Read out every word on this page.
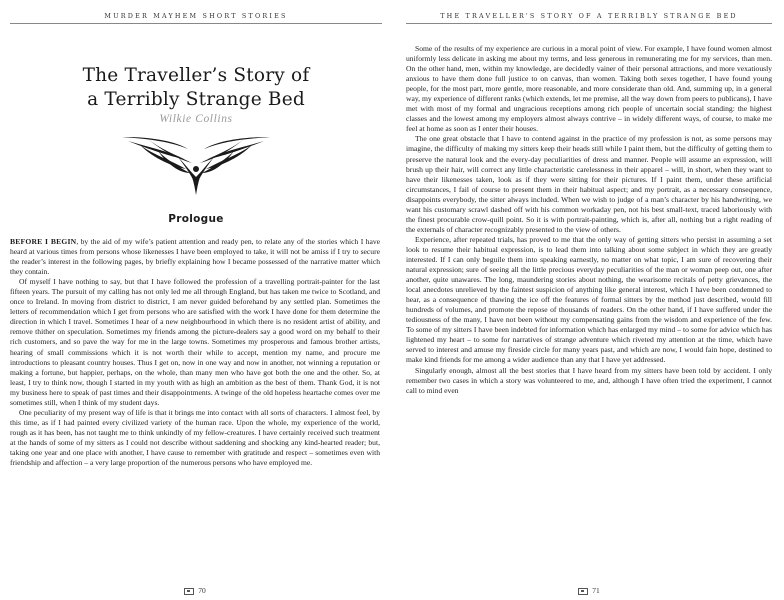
MURDER MAYHEM SHORT STORIES
The Traveller’s Story of
a Terribly Strange Bed
Wilkie Collins
Prologue

BEFORE I BEGIN, by the aid of my wife’s patient attention and ready pen, to relate any of the stories which I have heard at various times from persons whose likenesses I have been employed to take, it will not be amiss if I try to secure the reader’s interest in the following pages, by briefly explaining how I became possessed of the narrative matter which they contain.

Of myself I have nothing to say, but that I have followed the profession of a travelling portrait-painter for the last fifteen years. The pursuit of my calling has not only led me all through England, but has taken me twice to Scotland, and once to Ireland. In moving from district to district, I am never guided beforehand by any settled plan. Sometimes the letters of recommendation which I get from persons who are satisfied with the work I have done for them determine the direction in which I travel. Sometimes I hear of a new neighbourhood in which there is no resident artist of ability, and remove thither on speculation. Sometimes my friends among the picture-dealers say a good word on my behalf to their rich customers, and so pave the way for me in the large towns. Sometimes my prosperous and famous brother artists, hearing of small commissions which it is not worth their while to accept, mention my name, and procure me introductions to pleasant country houses. Thus I get on, now in one way and now in another, not winning a reputation or making a fortune, but happier, perhaps, on the whole, than many men who have got both the one and the other. So, at least, I try to think now, though I started in my youth with as high an ambition as the best of them. Thank God, it is not my business here to speak of past times and their disappointments. A twinge of the old hopeless heartache comes over me sometimes still, when I think of my student days.

One peculiarity of my present way of life is that it brings me into contact with all sorts of characters. I almost feel, by this time, as if I had painted every civilized variety of the human race. Upon the whole, my experience of the world, rough as it has been, has not taught me to think unkindly of my fellow-creatures. I have certainly received such treatment at the hands of some of my sitters as I could not describe without saddening and shocking any kind-hearted reader; but, taking one year and one place with another, I have cause to remember with gratitude and respect – sometimes even with friendship and affection – a very large proportion of the numerous persons who have employed me.

70
THE TRAVELLER’S STORY OF A TERRIBLY STRANGE BED

Some of the results of my experience are curious in a moral point of view. For example, I have found women almost uniformly less delicate in asking me about my terms, and less generous in remunerating me for my services, than men. On the other hand, men, within my knowledge, are decidedly vainer of their personal attractions, and more vexatiously anxious to have them done full justice to on canvas, than women. Taking both sexes together, I have found young people, for the most part, more gentle, more reasonable, and more considerate than old. And, summing up, in a general way, my experience of different ranks (which extends, let me premise, all the way down from peers to publicans), I have met with most of my formal and ungracious receptions among rich people of uncertain social standing: the highest classes and the lowest among my employers almost always contrive – in widely different ways, of course, to make me feel at home as soon as I enter their houses.

The one great obstacle that I have to contend against in the practice of my profession is not, as some persons may imagine, the difficulty of making my sitters keep their heads still while I paint them, but the difficulty of getting them to preserve the natural look and the every-day peculiarities of dress and manner. People will assume an expression, will brush up their hair, will correct any little characteristic carelessness in their apparel – will, in short, when they want to have their likenesses taken, look as if they were sitting for their pictures. If I paint them, under these artificial circumstances, I fail of course to present them in their habitual aspect; and my portrait, as a necessary consequence, disappoints everybody, the sitter always included. When we wish to judge of a man’s character by his handwriting, we want his customary scrawl dashed off with his common workaday pen, not his best small-text, traced laboriously with the finest procurable crow-quill point. So it is with portrait-painting, which is, after all, nothing but a right reading of the externals of character recognizably presented to the view of others.

Experience, after repeated trials, has proved to me that the only way of getting sitters who persist in assuming a set look to resume their habitual expression, is to lead them into talking about some subject in which they are greatly interested. If I can only beguile them into speaking earnestly, no matter on what topic, I am sure of recovering their natural expression; sure of seeing all the little precious everyday peculiarities of the man or woman peep out, one after another, quite unawares. The long, maundering stories about nothing, the wearisome recitals of petty grievances, the local anecdotes unrelieved by the faintest suspicion of anything like general interest, which I have been condemned to hear, as a consequence of thawing the ice off the features of formal sitters by the method just described, would fill hundreds of volumes, and promote the repose of thousands of readers. On the other hand, if I have suffered under the tediousness of the many, I have not been without my compensating gains from the wisdom and experience of the few. To some of my sitters I have been indebted for information which has enlarged my mind – to some for advice which has lightened my heart – to some for narratives of strange adventure which riveted my attention at the time, which have served to interest and amuse my fireside circle for many years past, and which are now, I would fain hope, destined to make kind friends for me among a wider audience than any that I have yet addressed.

Singularly enough, almost all the best stories that I have heard from my sitters have been told by accident. I only remember two cases in which a story was volunteered to me, and, although I have often tried the experiment, I cannot call to mind even

71
